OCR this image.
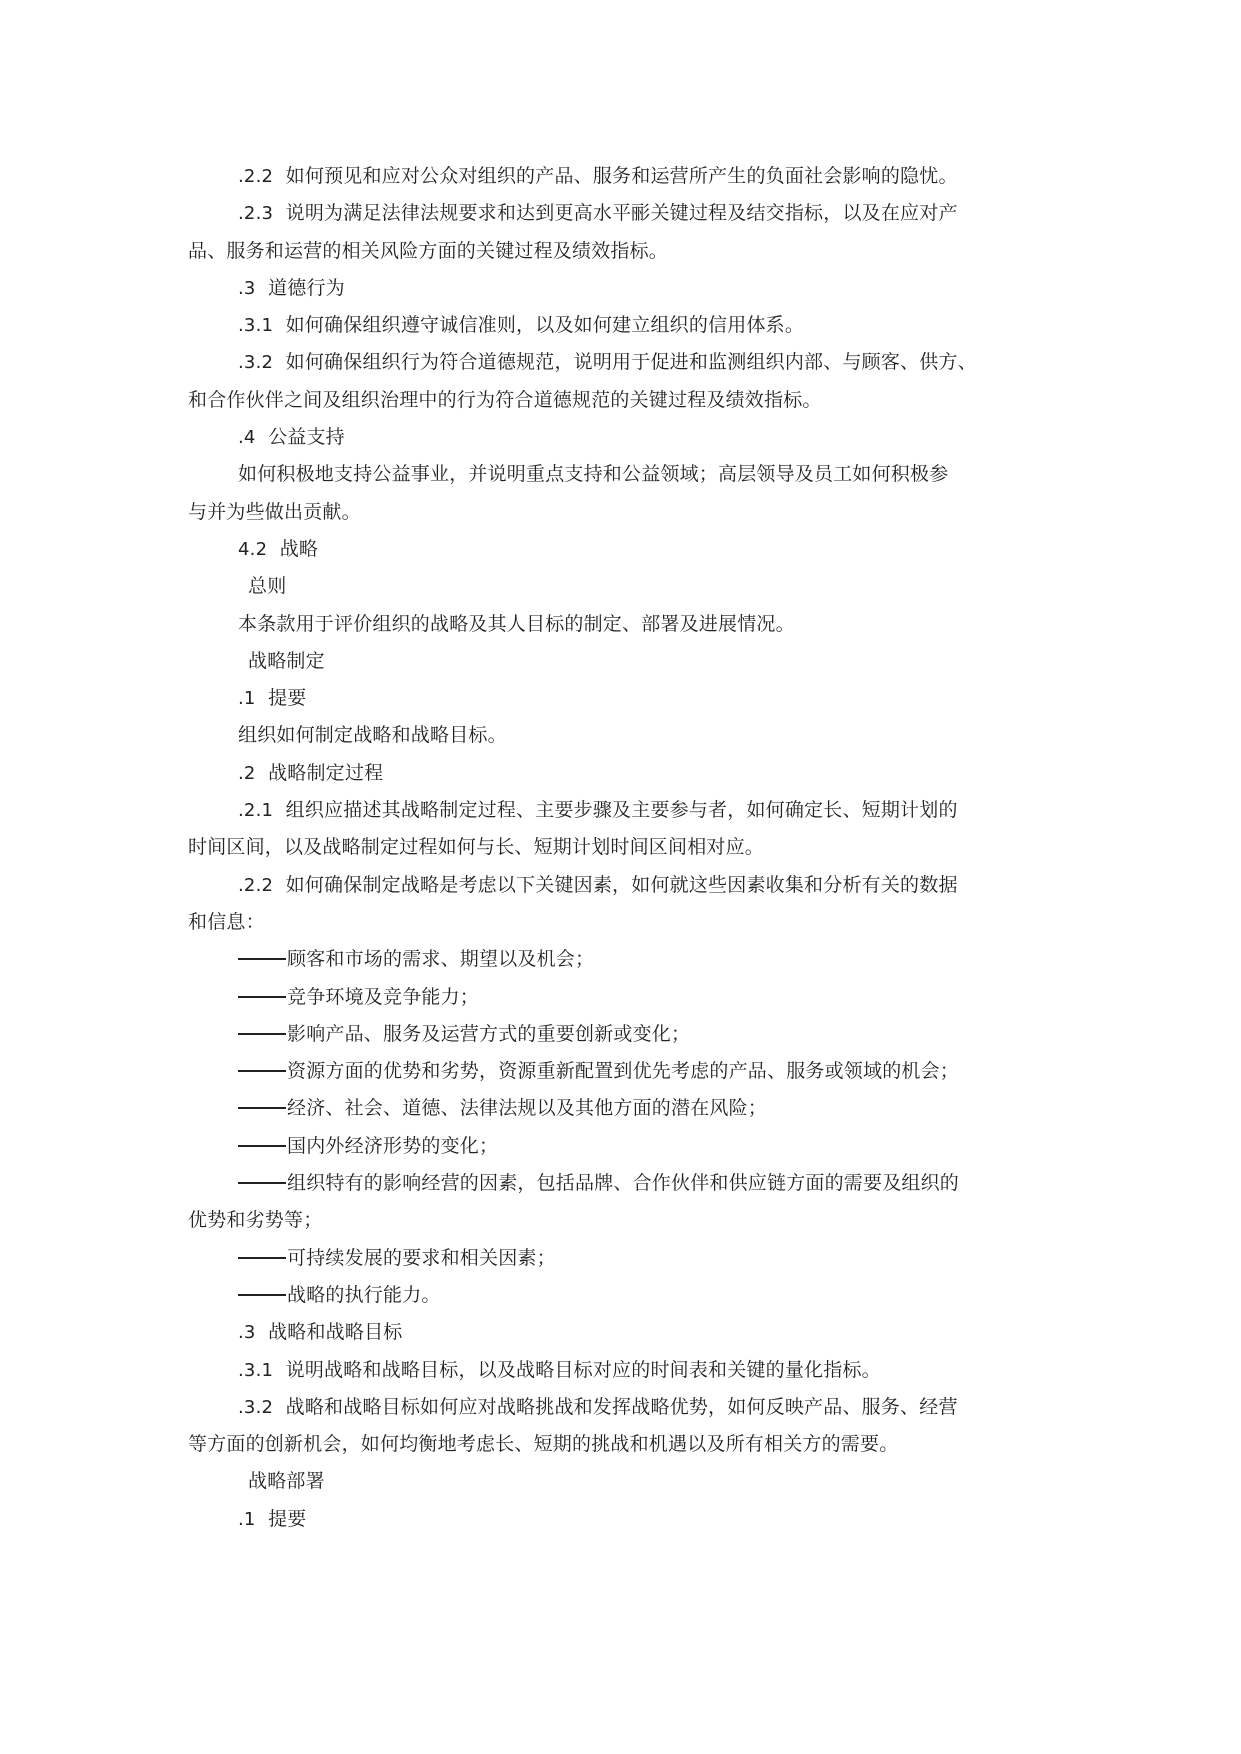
.2.2 如何预见和应对公众对组织的产品、服务和运营所产生的负面社会影响的隐忧。
.2.3 说明为满足法律法规要求和达到更高水平彨关键过程及结交指标，以及在应对产
品、服务和运营的相关风险方面的关键过程及绩效指标。
.3 道德行为
.3.1 如何确保组织遵守诚信准则，以及如何建立组织的信用体系。
.3.2 如何确保组织行为符合道德规范，说明用于促进和监测组织内部、与顾客、供方、
和合作伙伴之间及组织治理中的行为符合道德规范的关键过程及绩效指标。
.4 公益支持
如何积极地支持公益事业，并说明重点支持和公益领域；高层领导及员工如何积极参
与并为些做出贡献。
4.2 战略
总则
本条款用于评价组织的战略及其人目标的制定、部署及进展情况。
战略制定
.1 提要
组织如何制定战略和战略目标。
.2 战略制定过程
.2.1 组织应描述其战略制定过程、主要步骤及主要参与者，如何确定长、短期计划的
时间区间，以及战略制定过程如何与长、短期计划时间区间相对应。
.2.2 如何确保制定战略是考虑以下关键因素，如何就这些因素收集和分析有关的数据
和信息：
顾客和市场的需求、期望以及机会；
竞争环境及竞争能力；
影响产品、服务及运营方式的重要创新或变化；
资源方面的优势和劣势，资源重新配置到优先考虑的产品、服务或领域的机会；
经济、社会、道德、法律法规以及其他方面的潜在风险；
国内外经济形势的变化；
组织特有的影响经营的因素，包括品牌、合作伙伴和供应链方面的需要及组织的
优势和劣势等；
可持续发展的要求和相关因素；
战略的执行能力。
.3 战略和战略目标
.3.1 说明战略和战略目标，以及战略目标对应的时间表和关键的量化指标。
.3.2 战略和战略目标如何应对战略挑战和发挥战略优势，如何反映产品、服务、经营
等方面的创新机会，如何均衡地考虑长、短期的挑战和机遇以及所有相关方的需要。
战略部署
.1 提要
